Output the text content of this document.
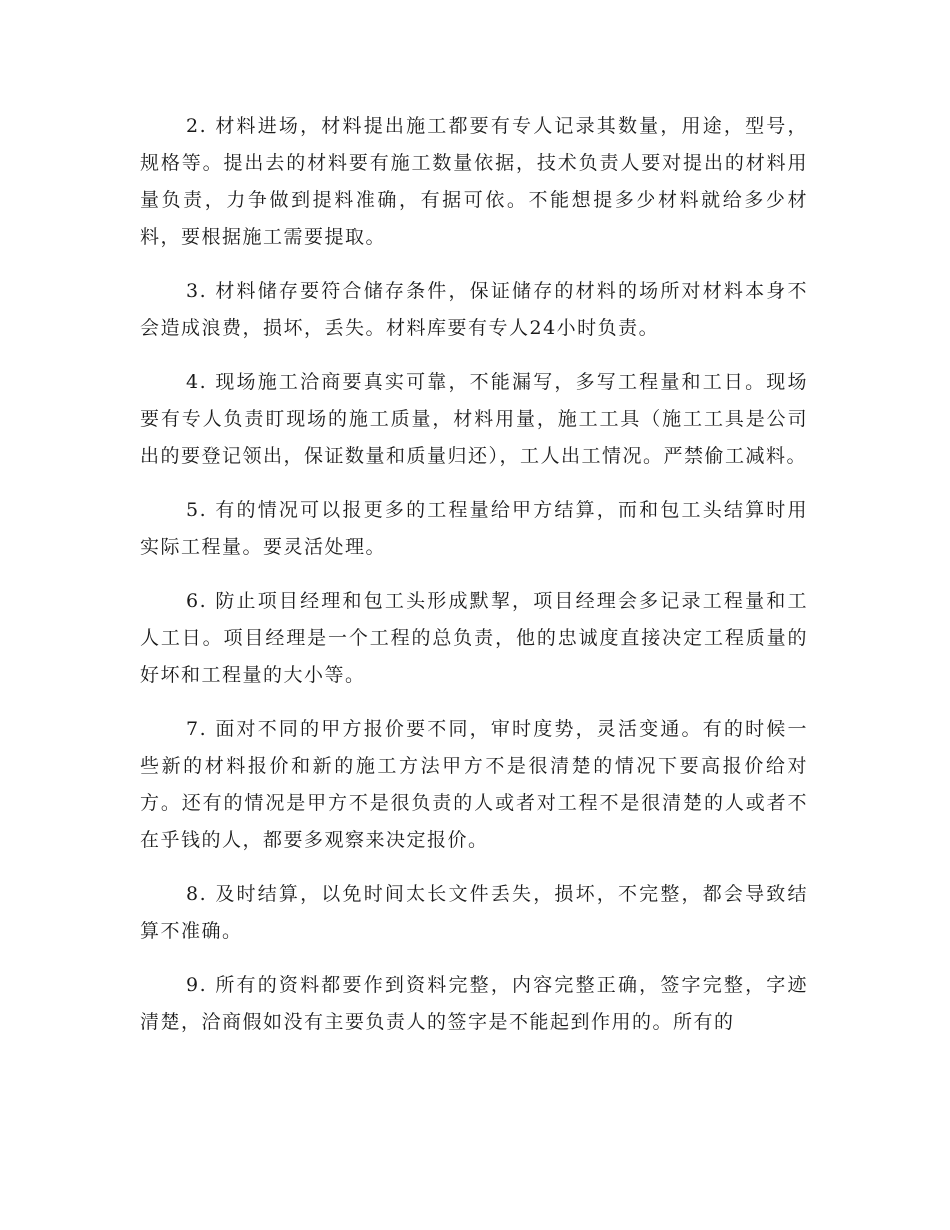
2. 材料进场，材料提出施工都要有专人记录其数量，用途，型号，规格等。提出去的材料要有施工数量依据，技术负责人要对提出的材料用量负责，力争做到提料准确，有据可依。不能想提多少材料就给多少材料，要根据施工需要提取。

3. 材料储存要符合储存条件，保证储存的材料的场所对材料本身不会造成浪费，损坏，丢失。材料库要有专人24小时负责。

4. 现场施工洽商要真实可靠，不能漏写，多写工程量和工日。现场要有专人负责盯现场的施工质量，材料用量，施工工具（施工工具是公司出的要登记领出，保证数量和质量归还），工人出工情况。严禁偷工减料。

5. 有的情况可以报更多的工程量给甲方结算，而和包工头结算时用实际工程量。要灵活处理。

6. 防止项目经理和包工头形成默挈，项目经理会多记录工程量和工人工日。项目经理是一个工程的总负责，他的忠诚度直接决定工程质量的好坏和工程量的大小等。

7. 面对不同的甲方报价要不同，审时度势，灵活变通。有的时候一些新的材料报价和新的施工方法甲方不是很清楚的情况下要高报价给对方。还有的情况是甲方不是很负责的人或者对工程不是很清楚的人或者不在乎钱的人，都要多观察来决定报价。

8. 及时结算，以免时间太长文件丢失，损坏，不完整，都会导致结算不准确。

9. 所有的资料都要作到资料完整，内容完整正确，签字完整，字迹清楚，洽商假如没有主要负责人的签字是不能起到作用的。所有的
